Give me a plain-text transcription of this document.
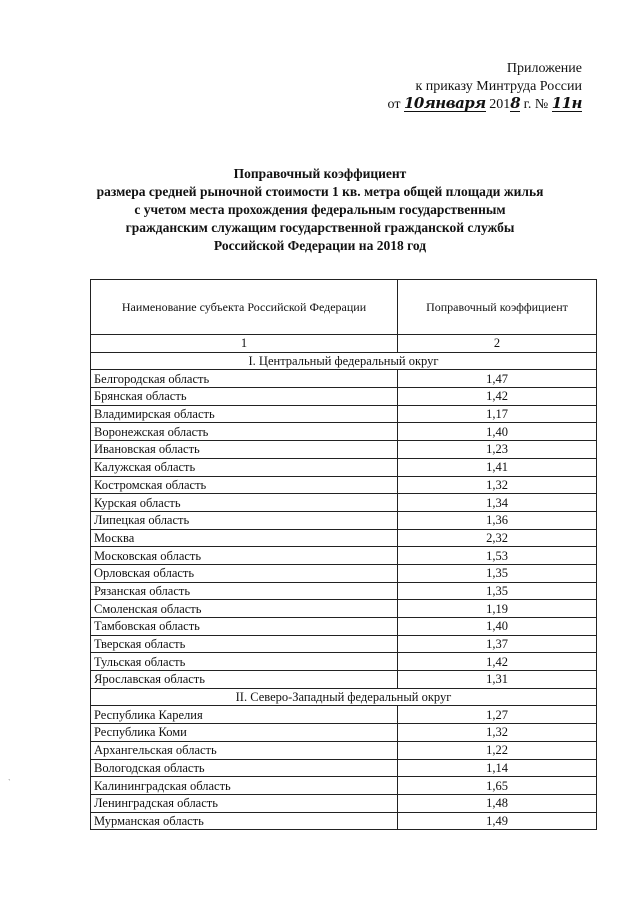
Приложение
к приказу Минтруда России
от 10января 2018 г. № 11н
Поправочный коэффициент
размера средней рыночной стоимости 1 кв. метра общей площади жилья
с учетом места прохождения федеральным государственным
гражданским служащим государственной гражданской службы
Российской Федерации на 2018 год
Наименование субъекта Российской Федерации	Поправочный коэффициент
1	2
I. Центральный федеральный округ	
Белгородская область	1,47
Брянская область	1,42
Владимирская область	1,17
Воронежская область	1,40
Ивановская область	1,23
Калужская область	1,41
Костромская область	1,32
Курская область	1,34
Липецкая область	1,36
Москва	2,32
Московская область	1,53
Орловская область	1,35
Рязанская область	1,35
Смоленская область	1,19
Тамбовская область	1,40
Тверская область	1,37
Тульская область	1,42
Ярославская область	1,31
II. Северо-Западный федеральный округ	
Республика Карелия	1,27
Республика Коми	1,32
Архангельская область	1,22
Вологодская область	1,14
Калининградская область	1,65
Ленинградская область	1,48
Мурманская область	1,49
ˋ
